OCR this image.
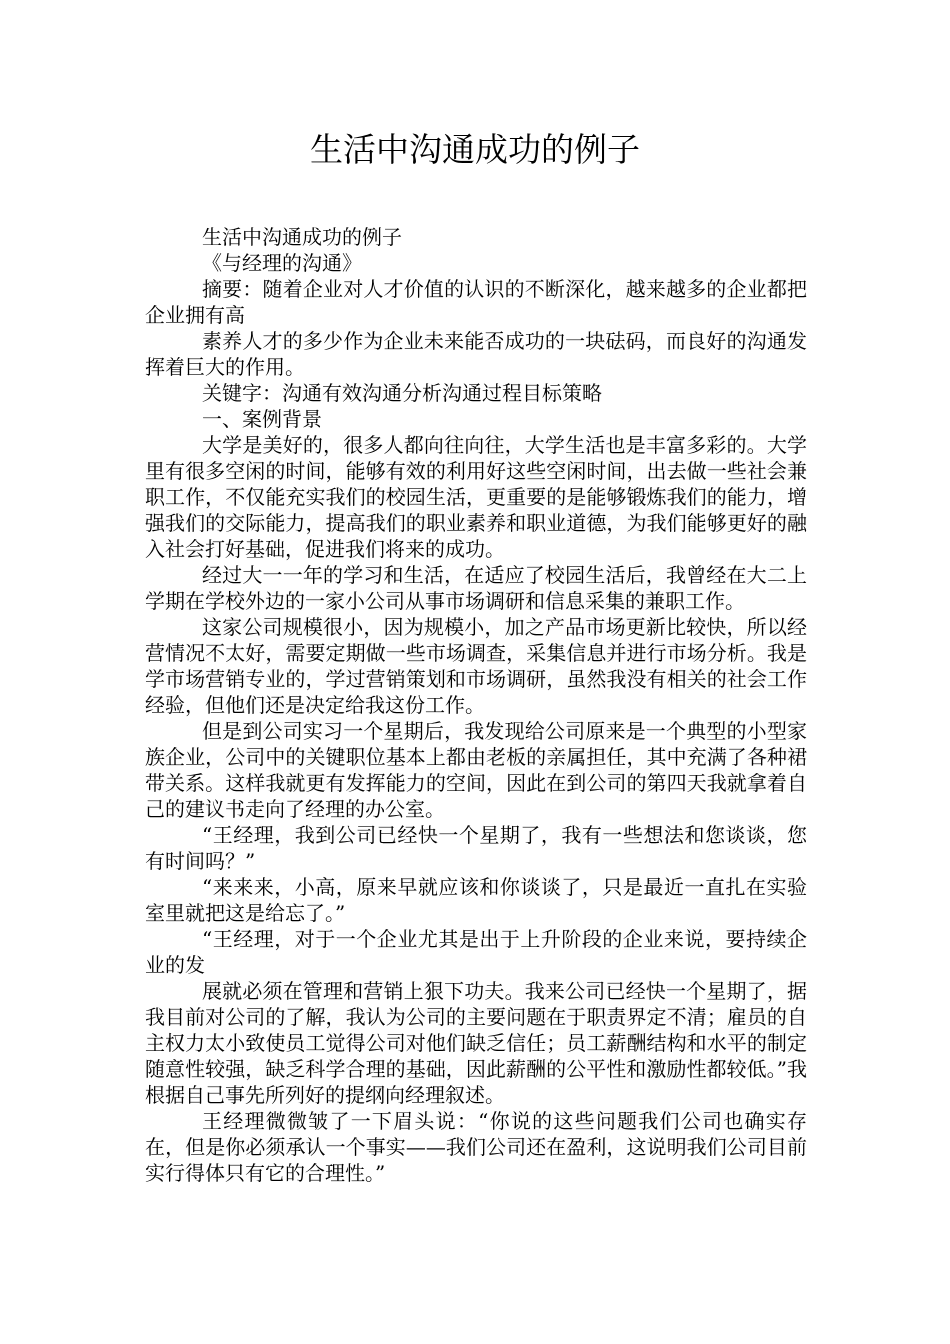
生活中沟通成功的例子

生活中沟通成功的例子

《与经理的沟通》

摘要：随着企业对人才价值的认识的不断深化，越来越多的企业都把企业拥有高

素养人才的多少作为企业未来能否成功的一块砝码，而良好的沟通发挥着巨大的作用。

关键字：沟通有效沟通分析沟通过程目标策略

一、案例背景

大学是美好的，很多人都向往向往，大学生活也是丰富多彩的。大学里有很多空闲的时间，能够有效的利用好这些空闲时间，出去做一些社会兼职工作，不仅能充实我们的校园生活，更重要的是能够锻炼我们的能力，增强我们的交际能力，提高我们的职业素养和职业道德，为我们能够更好的融入社会打好基础，促进我们将来的成功。

经过大一一年的学习和生活，在适应了校园生活后，我曾经在大二上学期在学校外边的一家小公司从事市场调研和信息采集的兼职工作。

这家公司规模很小，因为规模小，加之产品市场更新比较快，所以经营情况不太好，需要定期做一些市场调查，采集信息并进行市场分析。我是学市场营销专业的，学过营销策划和市场调研，虽然我没有相关的社会工作经验，但他们还是决定给我这份工作。

但是到公司实习一个星期后，我发现给公司原来是一个典型的小型家族企业，公司中的关键职位基本上都由老板的亲属担任，其中充满了各种裙带关系。这样我就更有发挥能力的空间，因此在到公司的第四天我就拿着自己的建议书走向了经理的办公室。

“王经理，我到公司已经快一个星期了，我有一些想法和您谈谈，您有时间吗？”

“来来来，小高，原来早就应该和你谈谈了，只是最近一直扎在实验室里就把这是给忘了。”

“王经理，对于一个企业尤其是出于上升阶段的企业来说，要持续企业的发

展就必须在管理和营销上狠下功夫。我来公司已经快一个星期了，据我目前对公司的了解，我认为公司的主要问题在于职责界定不清；雇员的自主权力太小致使员工觉得公司对他们缺乏信任；员工薪酬结构和水平的制定随意性较强，缺乏科学合理的基础，因此薪酬的公平性和激励性都较低。”我根据自己事先所列好的提纲向经理叙述。

王经理微微皱了一下眉头说：“你说的这些问题我们公司也确实存在，但是你必须承认一个事实——我们公司还在盈利，这说明我们公司目前实行得体只有它的合理性。”
